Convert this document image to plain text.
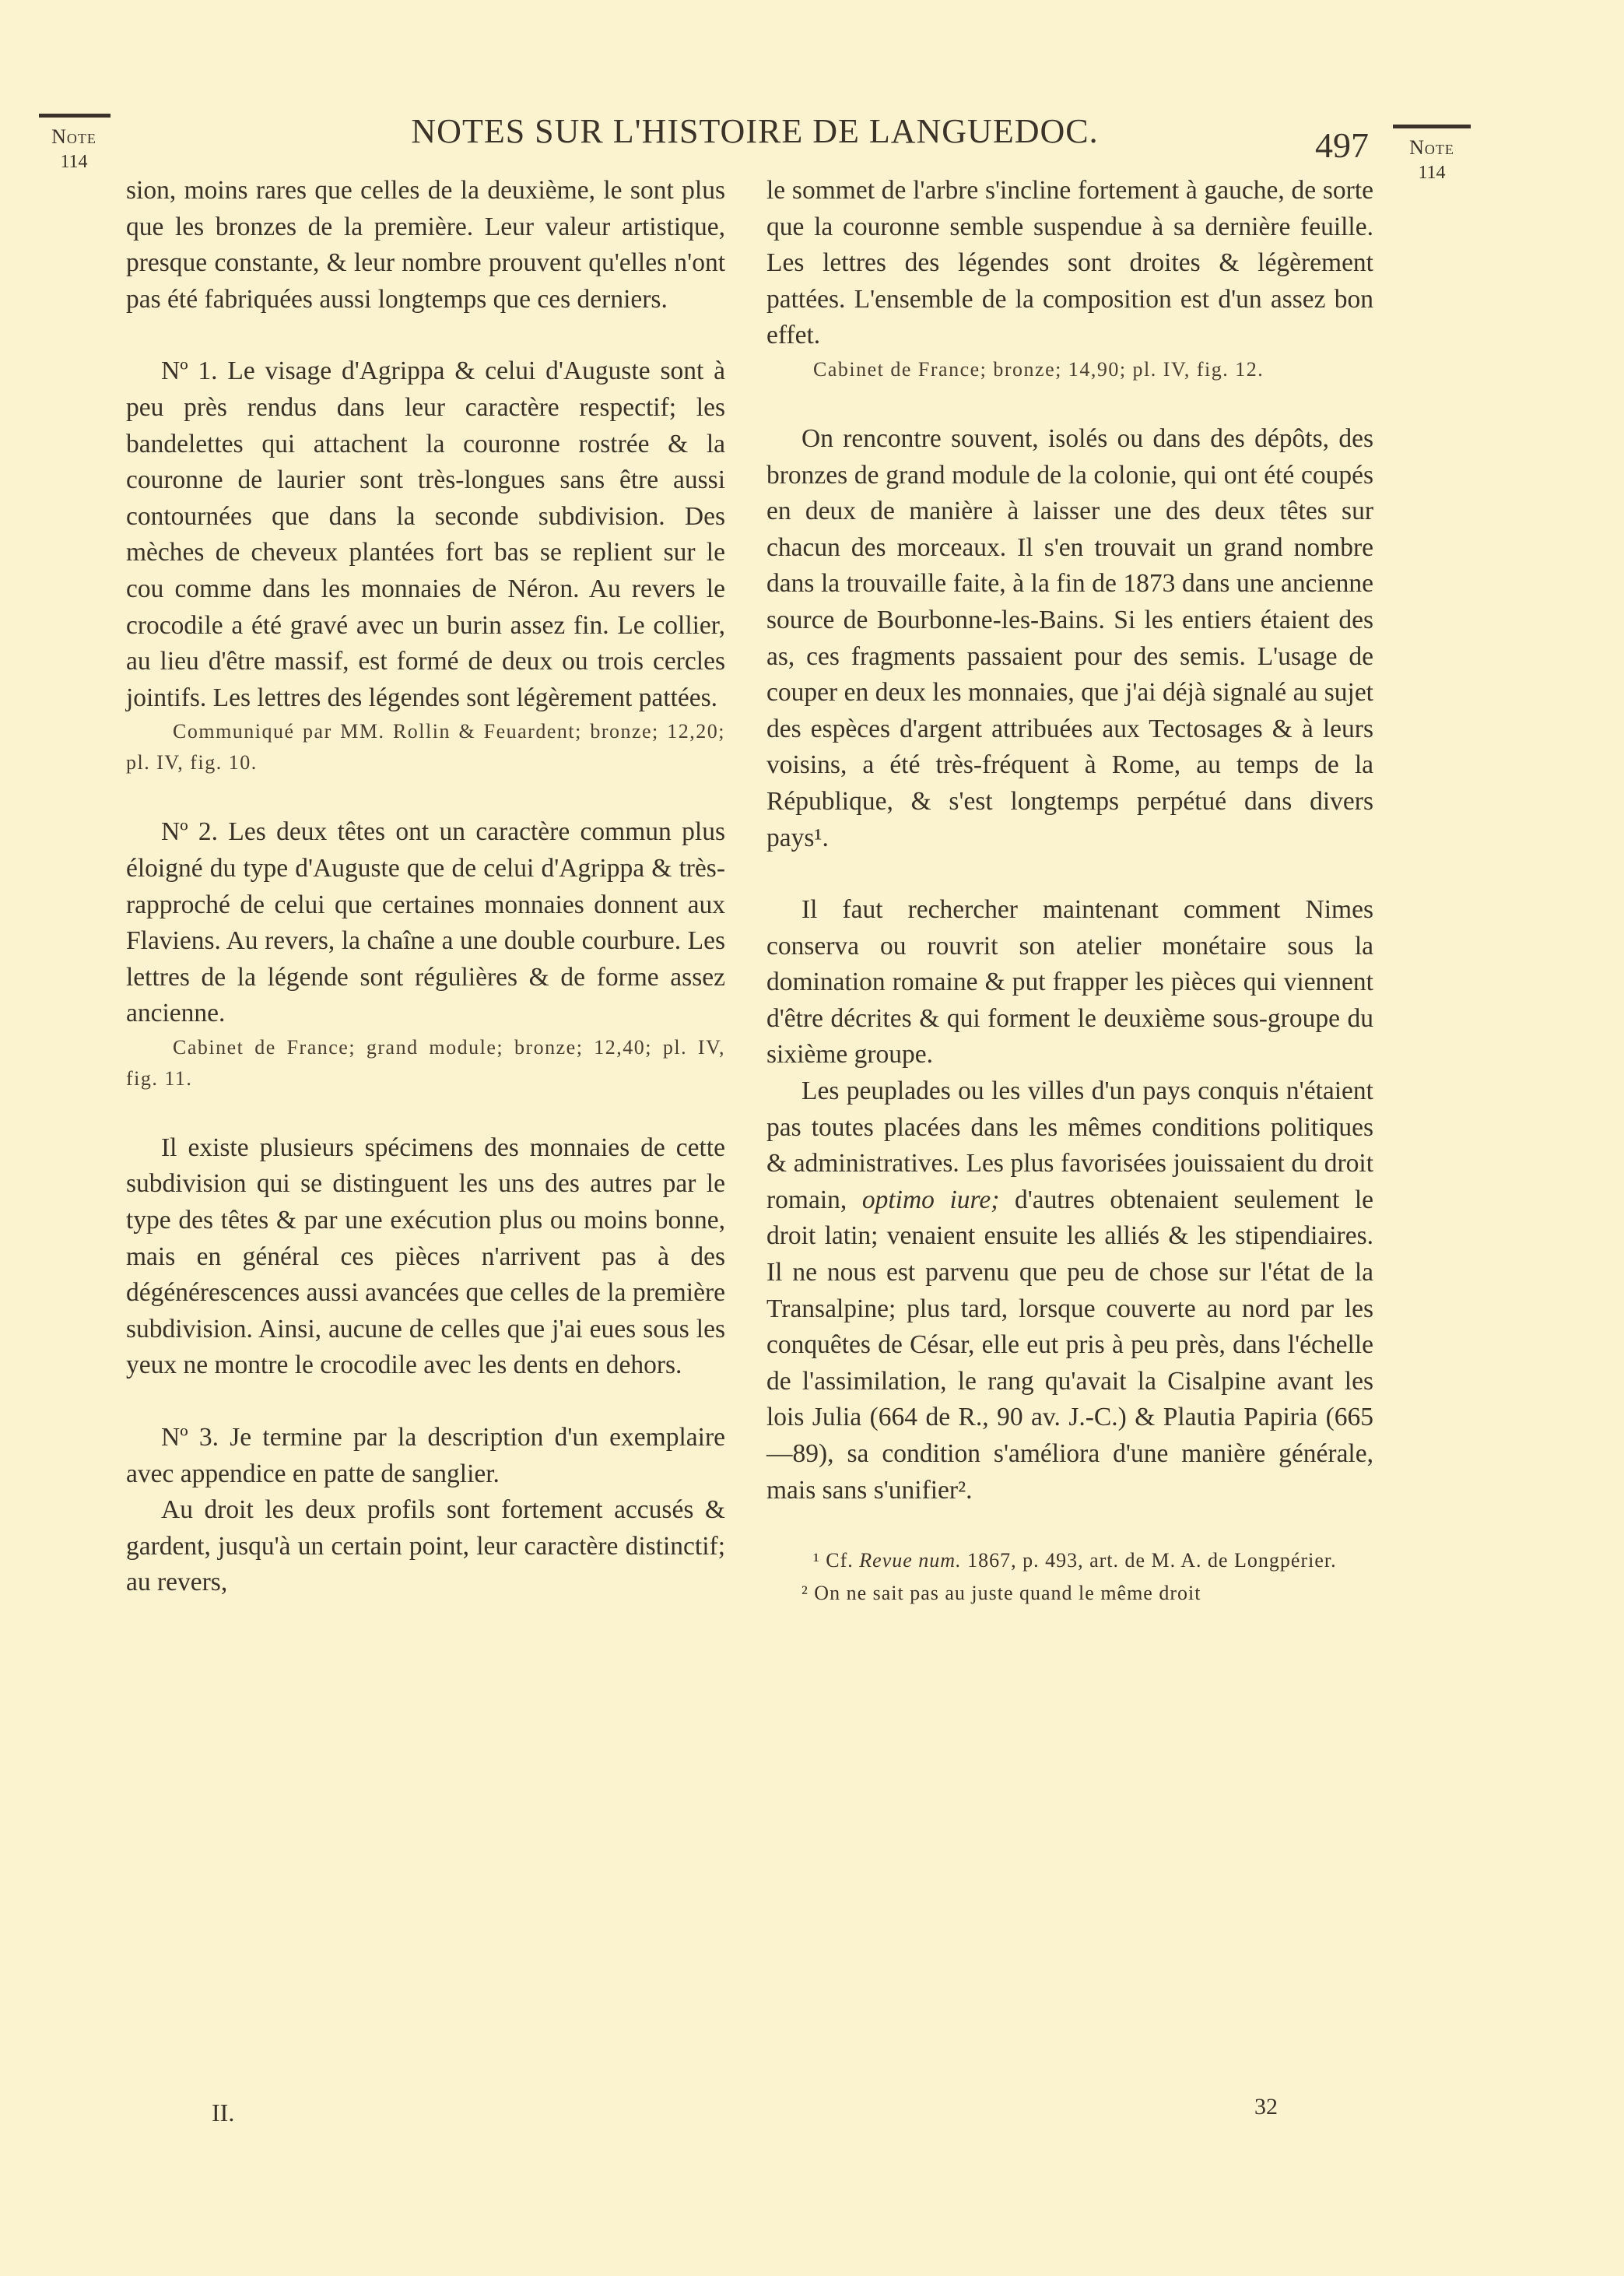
Note
114
NOTES SUR L'HISTOIRE DE LANGUEDOC.	497	Note
114

sion, moins rares que celles de la deuxième, le sont plus que les bronzes de la première. Leur valeur artistique, presque constante, & leur nombre prouvent qu'elles n'ont pas été fabriquées aussi longtemps que ces derniers.

Nº 1. Le visage d'Agrippa & celui d'Auguste sont à peu près rendus dans leur caractère respectif; les bandelettes qui attachent la couronne rostrée & la couronne de laurier sont très-longues sans être aussi contournées que dans la seconde subdivision. Des mèches de cheveux plantées fort bas se replient sur le cou comme dans les monnaies de Néron. Au revers le crocodile a été gravé avec un burin assez fin. Le collier, au lieu d'être massif, est formé de deux ou trois cercles jointifs. Les lettres des légendes sont légèrement pattées.

Communiqué par MM. Rollin & Feuardent; bronze; 12,20; pl. IV, fig. 10.

Nº 2. Les deux têtes ont un caractère commun plus éloigné du type d'Auguste que de celui d'Agrippa & très-rapproché de celui que certaines monnaies donnent aux Flaviens. Au revers, la chaîne a une double courbure. Les lettres de la légende sont régulières & de forme assez ancienne.

Cabinet de France; grand module; bronze; 12,40; pl. IV, fig. 11.

Il existe plusieurs spécimens des monnaies de cette subdivision qui se distinguent les uns des autres par le type des têtes & par une exécution plus ou moins bonne, mais en général ces pièces n'arrivent pas à des dégénérescences aussi avancées que celles de la première subdivision. Ainsi, aucune de celles que j'ai eues sous les yeux ne montre le crocodile avec les dents en dehors.

Nº 3. Je termine par la description d'un exemplaire avec appendice en patte de sanglier.

Au droit les deux profils sont fortement accusés & gardent, jusqu'à un certain point, leur caractère distinctif; au revers,

le sommet de l'arbre s'incline fortement à gauche, de sorte que la couronne semble suspendue à sa dernière feuille. Les lettres des légendes sont droites & légèrement pattées. L'ensemble de la composition est d'un assez bon effet.

Cabinet de France; bronze; 14,90; pl. IV, fig. 12.

On rencontre souvent, isolés ou dans des dépôts, des bronzes de grand module de la colonie, qui ont été coupés en deux de manière à laisser une des deux têtes sur chacun des morceaux. Il s'en trouvait un grand nombre dans la trouvaille faite, à la fin de 1873 dans une ancienne source de Bourbonne-les-Bains. Si les entiers étaient des as, ces fragments passaient pour des semis. L'usage de couper en deux les monnaies, que j'ai déjà signalé au sujet des espèces d'argent attribuées aux Tectosages & à leurs voisins, a été très-fréquent à Rome, au temps de la République, & s'est longtemps perpétué dans divers pays¹.

Il faut rechercher maintenant comment Nimes conserva ou rouvrit son atelier monétaire sous la domination romaine & put frapper les pièces qui viennent d'être décrites & qui forment le deuxième sous-groupe du sixième groupe.

Les peuplades ou les villes d'un pays conquis n'étaient pas toutes placées dans les mêmes conditions politiques & administratives. Les plus favorisées jouissaient du droit romain, optimo iure; d'autres obtenaient seulement le droit latin; venaient ensuite les alliés & les stipendiaires. Il ne nous est parvenu que peu de chose sur l'état de la Transalpine; plus tard, lorsque couverte au nord par les conquêtes de César, elle eut pris à peu près, dans l'échelle de l'assimilation, le rang qu'avait la Cisalpine avant les lois Julia (664 de R., 90 av. J.-C.) & Plautia Papiria (665—89), sa condition s'améliora d'une manière générale, mais sans s'unifier².

¹ Cf. Revue num. 1867, p. 493, art. de M. A. de Longpérier.

² On ne sait pas au juste quand le même droit

II.	32
